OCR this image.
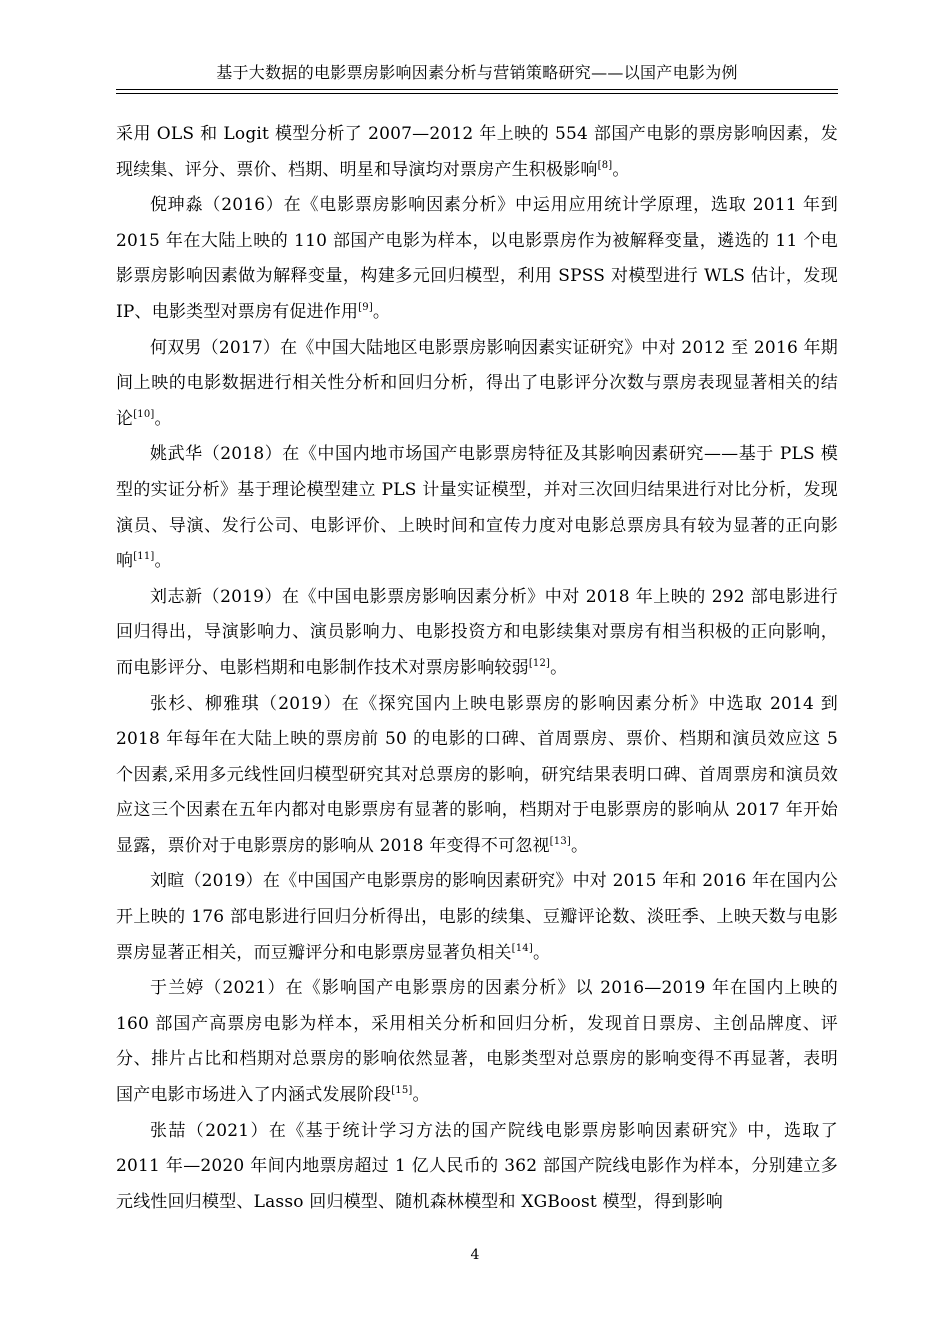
基于大数据的电影票房影响因素分析与营销策略研究——以国产电影为例

采用 OLS 和 Logit 模型分析了 2007—2012 年上映的 554 部国产电影的票房影响因素，发现续集、评分、票价、档期、明星和导演均对票房产生积极影响[8]。

倪珅淼（2016）在《电影票房影响因素分析》中运用应用统计学原理，选取 2011 年到 2015 年在大陆上映的 110 部国产电影为样本，以电影票房作为被解释变量，遴选的 11 个电影票房影响因素做为解释变量，构建多元回归模型，利用 SPSS 对模型进行 WLS 估计，发现 IP、电影类型对票房有促进作用[9]。

何双男（2017）在《中国大陆地区电影票房影响因素实证研究》中对 2012 至 2016 年期间上映的电影数据进行相关性分析和回归分析，得出了电影评分次数与票房表现显著相关的结论[10]。

姚武华（2018）在《中国内地市场国产电影票房特征及其影响因素研究——基于 PLS 模型的实证分析》基于理论模型建立 PLS 计量实证模型，并对三次回归结果进行对比分析，发现演员、导演、发行公司、电影评价、上映时间和宣传力度对电影总票房具有较为显著的正向影响[11]。

刘志新（2019）在《中国电影票房影响因素分析》中对 2018 年上映的 292 部电影进行回归得出，导演影响力、演员影响力、电影投资方和电影续集对票房有相当积极的正向影响，而电影评分、电影档期和电影制作技术对票房影响较弱[12]。

张杉、柳雅琪（2019）在《探究国内上映电影票房的影响因素分析》中选取 2014 到 2018 年每年在大陆上映的票房前 50 的电影的口碑、首周票房、票价、档期和演员效应这 5 个因素,采用多元线性回归模型研究其对总票房的影响，研究结果表明口碑、首周票房和演员效应这三个因素在五年内都对电影票房有显著的影响，档期对于电影票房的影响从 2017 年开始显露，票价对于电影票房的影响从 2018 年变得不可忽视[13]。

刘暄（2019）在《中国国产电影票房的影响因素研究》中对 2015 年和 2016 年在国内公开上映的 176 部电影进行回归分析得出，电影的续集、豆瓣评论数、淡旺季、上映天数与电影票房显著正相关，而豆瓣评分和电影票房显著负相关[14]。

于兰婷（2021）在《影响国产电影票房的因素分析》以 2016—2019 年在国内上映的 160 部国产高票房电影为样本，采用相关分析和回归分析，发现首日票房、主创品牌度、评分、排片占比和档期对总票房的影响依然显著，电影类型对总票房的影响变得不再显著，表明国产电影市场进入了内涵式发展阶段[15]。

张喆（2021）在《基于统计学习方法的国产院线电影票房影响因素研究》中，选取了 2011 年—2020 年间内地票房超过 1 亿人民币的 362 部国产院线电影作为样本，分别建立多元线性回归模型、Lasso 回归模型、随机森林模型和 XGBoost 模型，得到影响

4
